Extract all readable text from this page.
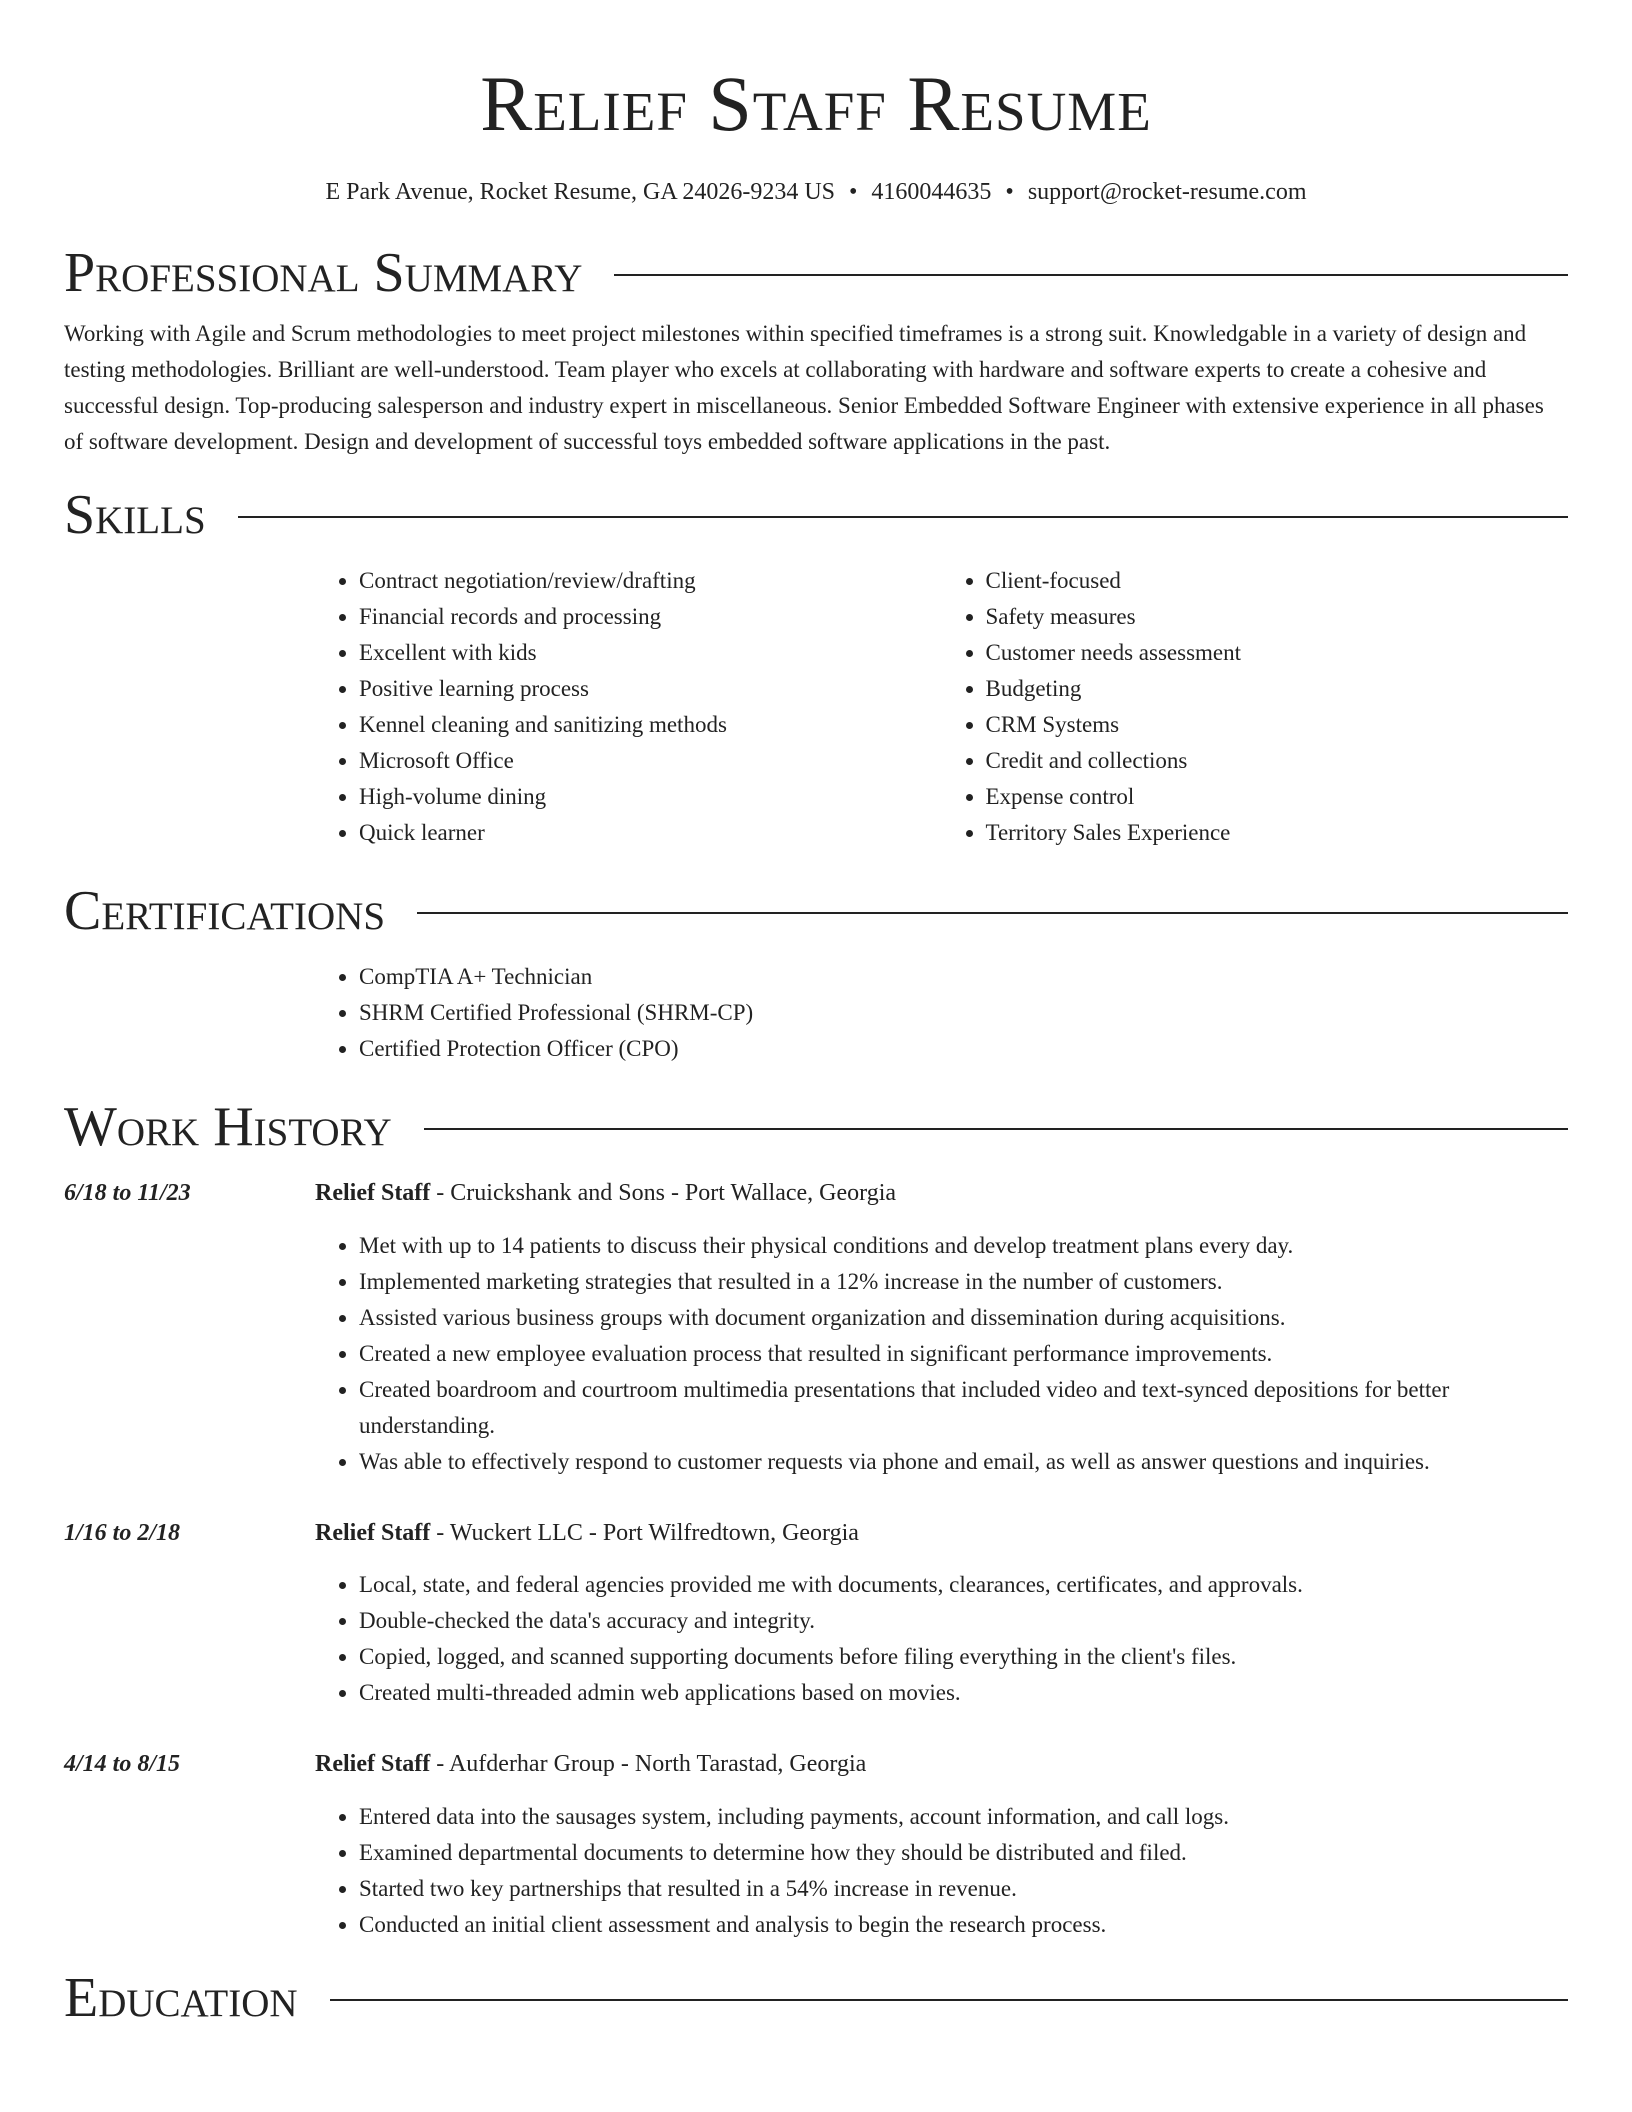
Relief Staff Resume
E Park Avenue, Rocket Resume, GA 24026-9234 US • 4160044635 • support@rocket-resume.com
Professional Summary

Working with Agile and Scrum methodologies to meet project milestones within specified timeframes is a strong suit. Knowledgable in a variety of design and testing methodologies. Brilliant are well-understood. Team player who excels at collaborating with hardware and software experts to create a cohesive and successful design. Top-producing salesperson and industry expert in miscellaneous. Senior Embedded Software Engineer with extensive experience in all phases of software development. Design and development of successful toys embedded software applications in the past.

Skills
• Contract negotiation/review/drafting
• Financial records and processing
• Excellent with kids
• Positive learning process
• Kennel cleaning and sanitizing methods
• Microsoft Office
• High-volume dining
• Quick learner
• Client-focused
• Safety measures
• Customer needs assessment
• Budgeting
• CRM Systems
• Credit and collections
• Expense control
• Territory Sales Experience
Certifications
• CompTIA A+ Technician
• SHRM Certified Professional (SHRM-CP)
• Certified Protection Officer (CPO)
Work History
6/18 to 11/23	Relief Staff - Cruickshank and Sons - Port Wallace, Georgia
• Met with up to 14 patients to discuss their physical conditions and develop treatment plans every day.
• Implemented marketing strategies that resulted in a 12% increase in the number of customers.
• Assisted various business groups with document organization and dissemination during acquisitions.
• Created a new employee evaluation process that resulted in significant performance improvements.
• Created boardroom and courtroom multimedia presentations that included video and text-synced depositions for better understanding.
• Was able to effectively respond to customer requests via phone and email, as well as answer questions and inquiries.
1/16 to 2/18	Relief Staff - Wuckert LLC - Port Wilfredtown, Georgia
• Local, state, and federal agencies provided me with documents, clearances, certificates, and approvals.
• Double-checked the data's accuracy and integrity.
• Copied, logged, and scanned supporting documents before filing everything in the client's files.
• Created multi-threaded admin web applications based on movies.
4/14 to 8/15	Relief Staff - Aufderhar Group - North Tarastad, Georgia
• Entered data into the sausages system, including payments, account information, and call logs.
• Examined departmental documents to determine how they should be distributed and filed.
• Started two key partnerships that resulted in a 54% increase in revenue.
• Conducted an initial client assessment and analysis to begin the research process.
Education
